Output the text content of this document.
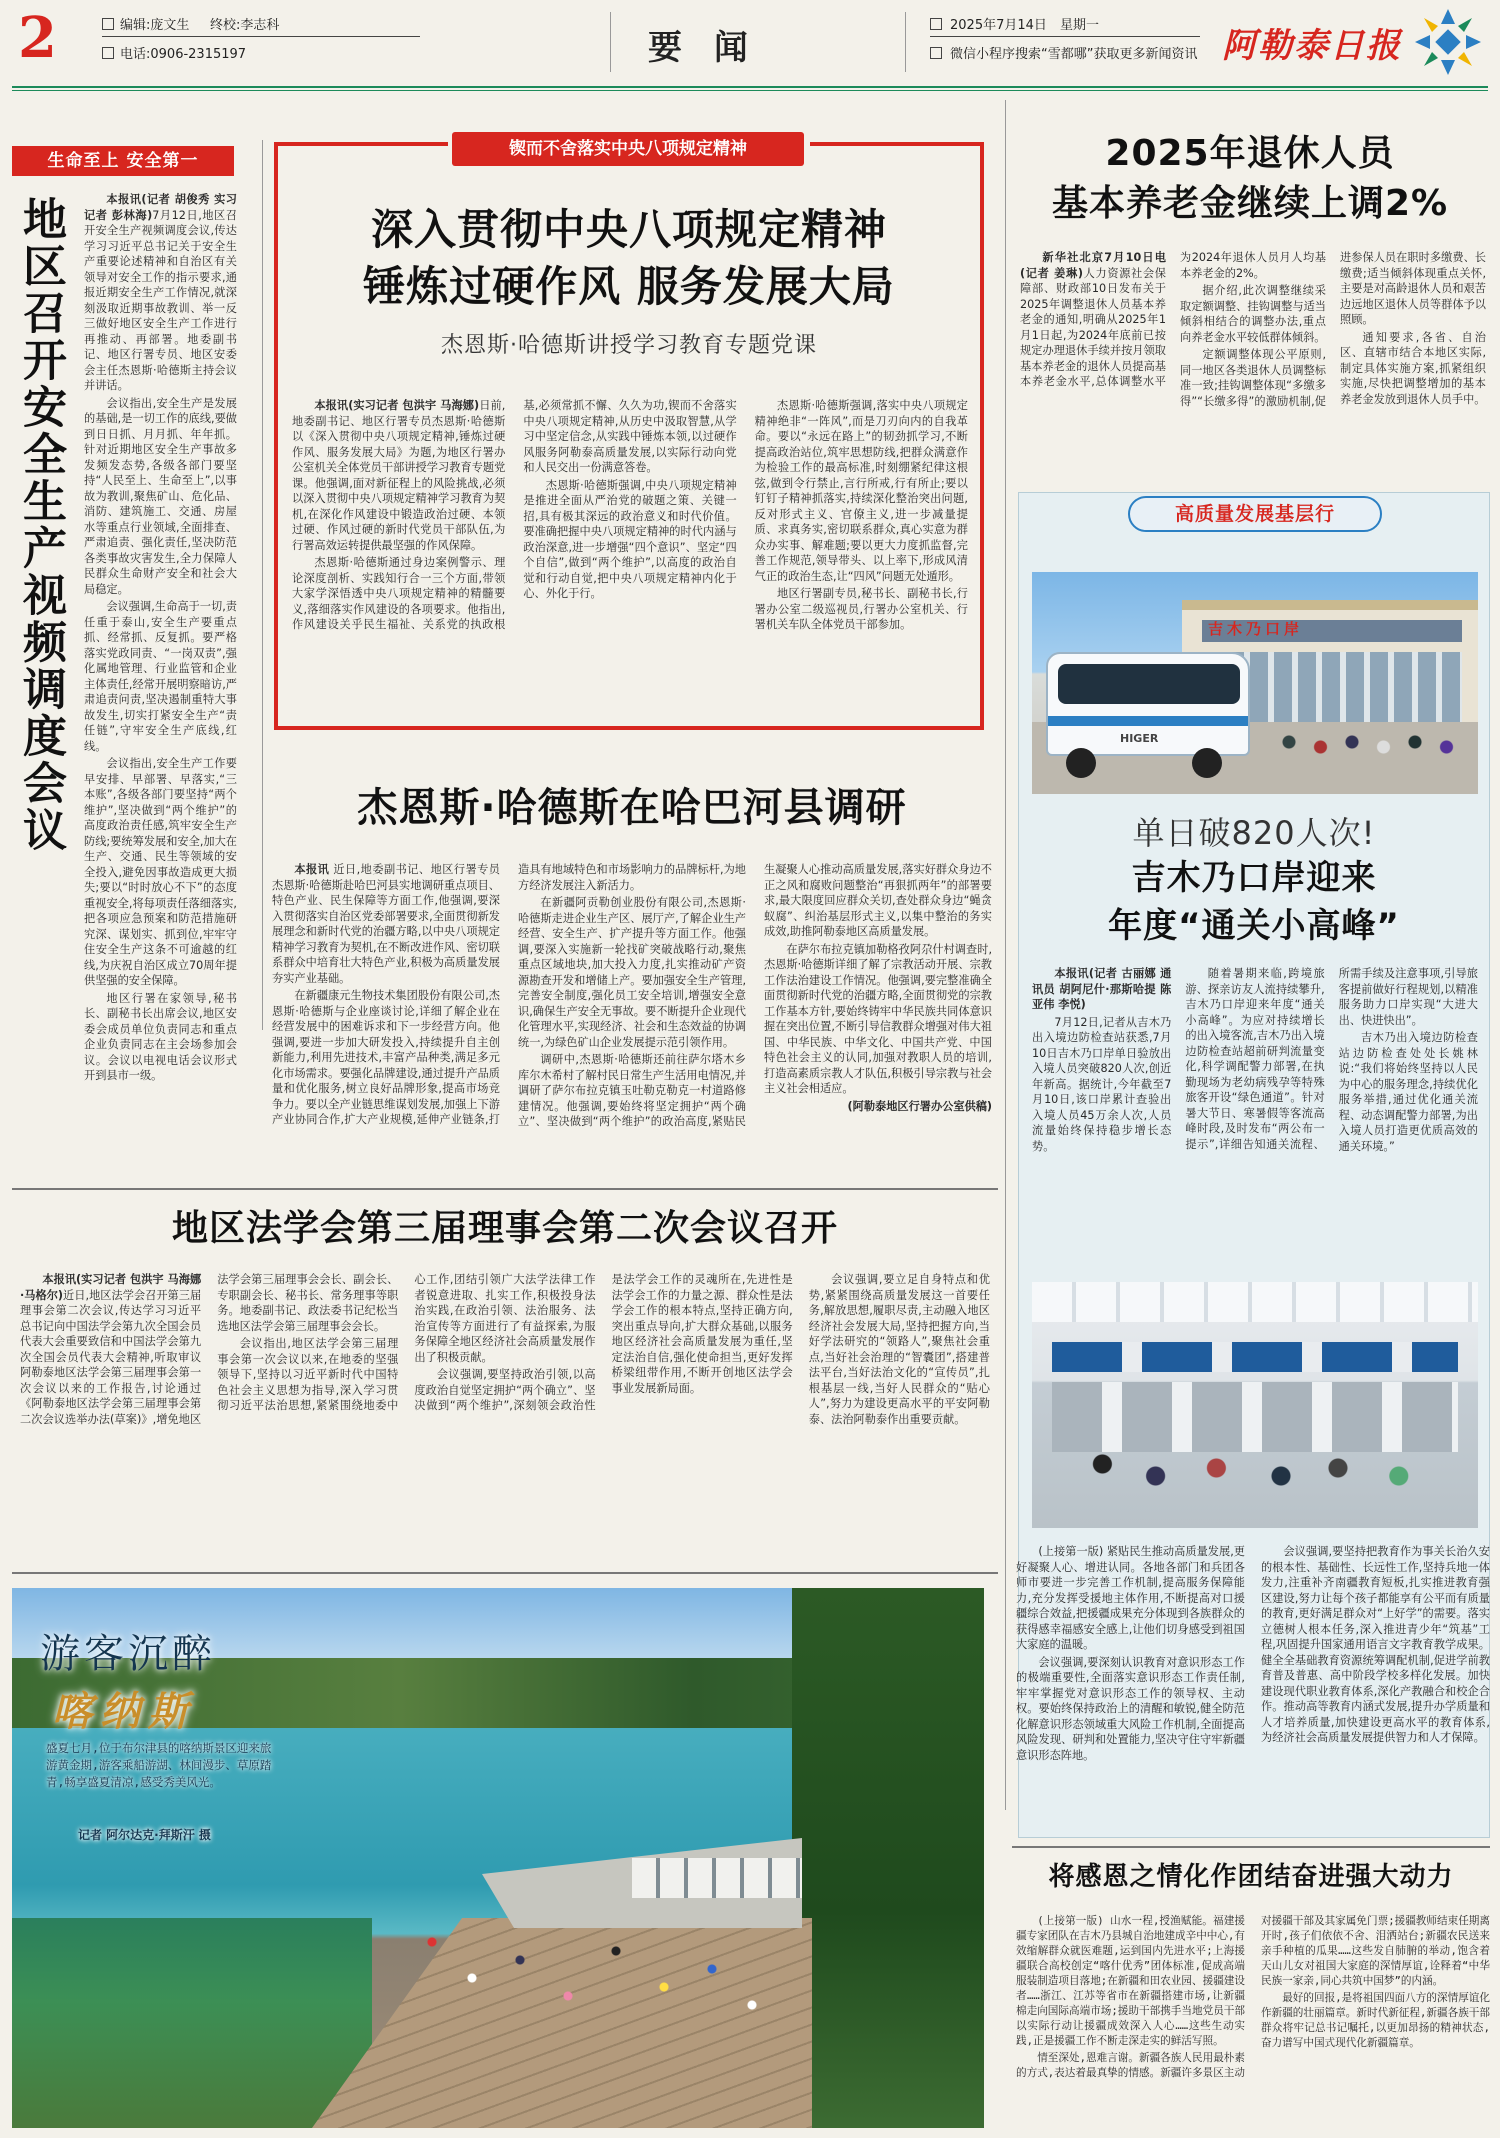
2	编辑:庞文生 终校:李志科
电话:0906-2315197	要 闻
2025年7月14日 星期一
微信小程序搜索“雪都哪”获取更多新闻资讯 阿勒泰日报
生命至上 安全第一
地区召开安全生产视频调度会议	本报讯(记者 胡俊秀 实习记者 彭林海)7月12日,地区召开安全生产视频调度会议,传达学习习近平总书记关于安全生产重要论述精神和自治区有关领导对安全工作的指示要求,通报近期安全生产工作情况,就深刻汲取近期事故教训、举一反三做好地区安全生产工作进行再推动、再部署。地委副书记、地区行署专员、地区安委会主任杰恩斯·哈德斯主持会议并讲话。

会议指出,安全生产是发展的基础,是一切工作的底线,要做到日日抓、月月抓、年年抓。针对近期地区安全生产事故多发频发态势,各级各部门要坚持“人民至上、生命至上”,以事故为教训,聚焦矿山、危化品、消防、建筑施工、交通、房屋水等重点行业领域,全面排查、严肃追责、强化责任,坚决防范各类事故灾害发生,全力保障人民群众生命财产安全和社会大局稳定。

会议强调,生命高于一切,责任重于泰山,安全生产要重点抓、经常抓、反复抓。要严格落实党政同责、“一岗双责”,强化属地管理、行业监管和企业主体责任,经常开展明察暗访,严肃追责问责,坚决遏制重特大事故发生,切实打紧安全生产“责任链”,守牢安全生产底线,红线。

会议指出,安全生产工作要早安排、早部署、早落实,“三本账”,各级各部门要坚持“两个维护”,坚决做到“两个维护”的高度政治责任感,筑牢安全生产防线;要统筹发展和安全,加大在生产、交通、民生等领域的安全投入,避免因事故造成更大损失;要以“时时放心不下”的态度重视安全,将每项责任落细落实,把各项应急预案和防范措施研究深、谋划实、抓到位,牢牢守住安全生产这条不可逾越的红线,为庆祝自治区成立70周年提供坚强的安全保障。

地区行署在家领导,秘书长、副秘书长出席会议,地区安委会成员单位负责同志和重点企业负责同志在主会场参加会议。会议以电视电话会议形式开到县市一级。

锲而不舍落实中央八项规定精神
深入贯彻中央八项规定精神
锤炼过硬作风 服务发展大局
杰恩斯·哈德斯讲授学习教育专题党课

本报讯(实习记者 包洪宇 马海娜)日前,地委副书记、地区行署专员杰恩斯·哈德斯以《深入贯彻中央八项规定精神,锤炼过硬作风、服务发展大局》为题,为地区行署办公室机关全体党员干部讲授学习教育专题党课。他强调,面对新征程上的风险挑战,必须以深入贯彻中央八项规定精神学习教育为契机,在深化作风建设中锻造政治过硬、本领过硬、作风过硬的新时代党员干部队伍,为行署高效运转提供最坚强的作风保障。

杰恩斯·哈德斯通过身边案例警示、理论深度剖析、实践知行合一三个方面,带领大家学深悟透中央八项规定精神的精髓要义,落细落实作风建设的各项要求。他指出,作风建设关乎民生福祉、关系党的执政根基,必须常抓不懈、久久为功,锲而不舍落实中央八项规定精神,从历史中汲取智慧,从学习中坚定信念,从实践中锤炼本领,以过硬作风服务阿勒泰高质量发展,以实际行动向党和人民交出一份满意答卷。

杰恩斯·哈德斯强调,中央八项规定精神是推进全面从严治党的破题之策、关键一招,具有极其深远的政治意义和时代价值。要准确把握中央八项规定精神的时代内涵与政治深意,进一步增强“四个意识”、坚定“四个自信”,做到“两个维护”,以高度的政治自觉和行动自觉,把中央八项规定精神内化于心、外化于行。

杰恩斯·哈德斯强调,落实中央八项规定精神绝非“一阵风”,而是刀刃向内的自我革命。要以“永远在路上”的韧劲抓学习,不断提高政治站位,筑牢思想防线,把群众满意作为检验工作的最高标准,时刻绷紧纪律这根弦,做到令行禁止,言行所戒,行有所止;要以钉钉子精神抓落实,持续深化整治突出问题,反对形式主义、官僚主义,进一步减量提质、求真务实,密切联系群众,真心实意为群众办实事、解难题;要以更大力度抓监督,完善工作规范,领导带头、以上率下,形成风清气正的政治生态,让“四风”问题无处遁形。

地区行署副专员,秘书长、副秘书长,行署办公室二级巡视员,行署办公室机关、行署机关车队全体党员干部参加。

杰恩斯·哈德斯在哈巴河县调研

本报讯 近日,地委副书记、地区行署专员杰恩斯·哈德斯赴哈巴河县实地调研重点项目、特色产业、民生保障等方面工作,他强调,要深入贯彻落实自治区党委部署要求,全面贯彻新发展理念和新时代党的治疆方略,以中央八项规定精神学习教育为契机,在不断改进作风、密切联系群众中培育壮大特色产业,积极为高质量发展夯实产业基础。

在新疆康元生物技术集团股份有限公司,杰恩斯·哈德斯与企业座谈讨论,详细了解企业在经营发展中的困难诉求和下一步经营方向。他强调,要进一步加大研发投入,持续提升自主创新能力,利用先进技术,丰富产品种类,满足多元化市场需求。要强化品牌建设,通过提升产品质量和优化服务,树立良好品牌形象,提高市场竞争力。要以全产业链思维谋划发展,加强上下游产业协同合作,扩大产业规模,延伸产业链条,打造具有地域特色和市场影响力的品牌标杆,为地方经济发展注入新活力。

在新疆阿贡勒创业股份有限公司,杰恩斯·哈德斯走进企业生产区、展厅产,了解企业生产经营、安全生产、扩产提升等方面工作。他强调,要深入实施新一轮找矿突破战略行动,聚焦重点区域地块,加大投入力度,扎实推动矿产资源勘查开发和增储上产。要加强安全生产管理,完善安全制度,强化员工安全培训,增强安全意识,确保生产安全无事故。要不断提升企业现代化管理水平,实现经济、社会和生态效益的协调统一,为绿色矿山企业发展提示范引领作用。

调研中,杰恩斯·哈德斯还前往萨尔塔木乡库尔木希村了解村民日常生产生活用电情况,并调研了萨尔布拉克镇玉吐勒克勒克一村道路修建情况。他强调,要始终将坚定拥护“两个确立”、坚决做到“两个维护”的政治高度,紧贴民生凝聚人心推动高质量发展,落实好群众身边不正之风和腐败问题整治“再狠抓两年”的部署要求,最大限度回应群众关切,查处群众身边“蝇贪蚁腐”、纠治基层形式主义,以集中整治的务实成效,助推阿勒泰地区高质量发展。

在萨尔布拉克镇加勒格孜阿尕什村调查时,杰恩斯·哈德斯详细了解了宗教活动开展、宗教工作法治建设工作情况。他强调,要完整准确全面贯彻新时代党的治疆方略,全面贯彻党的宗教工作基本方针,要始终铸牢中华民族共同体意识握在突出位置,不断引导信教群众增强对伟大祖国、中华民族、中华文化、中国共产党、中国特色社会主义的认同,加强对教职人员的培训,打造高素质宗教人才队伍,积极引导宗教与社会主义社会相适应。

(阿勒泰地区行署办公室供稿)

2025年退休人员
基本养老金继续上调2%

新华社北京7月10日电(记者 姜琳)人力资源社会保障部、财政部10日发布关于2025年调整退休人员基本养老金的通知,明确从2025年1月1日起,为2024年底前已按规定办理退休手续并按月领取基本养老金的退休人员提高基本养老金水平,总体调整水平为2024年退休人员月人均基本养老金的2%。

据介绍,此次调整继续采取定额调整、挂钩调整与适当倾斜相结合的调整办法,重点向养老金水平较低群体倾斜。

定额调整体现公平原则,同一地区各类退休人员调整标准一致;挂钩调整体现“多缴多得”“长缴多得”的激励机制,促进参保人员在职时多缴费、长缴费;适当倾斜体现重点关怀,主要是对高龄退休人员和艰苦边远地区退休人员等群体予以照顾。

通知要求,各省、自治区、直辖市结合本地区实际,制定具体实施方案,抓紧组织实施,尽快把调整增加的基本养老金发放到退休人员手中。

高质量发展基层行
吉木乃口岸
HIGER
单日破820人次!
吉木乃口岸迎来
年度“通关小高峰”

本报讯(记者 古丽娜 通讯员 胡阿尼什·那斯哈提 陈亚伟 李悦)

7月12日,记者从吉木乃出入境边防检查站获悉,7月10日吉木乃口岸单日验放出入境人员突破820人次,创近年新高。据统计,今年截至7月10日,该口岸累计查验出入境人员45万余人次,人员流量始终保持稳步增长态势。

随着暑期来临,跨境旅游、探亲访友人流持续攀升,吉木乃口岸迎来年度“通关小高峰”。为应对持续增长的出入境客流,吉木乃出入境边防检查站超前研判流量变化,科学调配警力部署,在执勤现场为老幼病残孕等特殊旅客开设“绿色通道”。针对暑大节日、寒暑假等客流高峰时段,及时发布“两公布一提示”,详细告知通关流程、所需手续及注意事项,引导旅客提前做好行程规划,以精准服务助力口岸实现“大进大出、快进快出”。

吉木乃出入境边防检查站边防检查处处长姚林说:“我们将始终坚持以人民为中心的服务理念,持续优化服务举措,通过优化通关流程、动态调配警力部署,为出入境人员打造更优质高效的通关环境。”

地区法学会第三届理事会第二次会议召开

本报讯(实习记者 包洪宇 马海娜·马格尔)近日,地区法学会召开第三届理事会第二次会议,传达学习习近平总书记向中国法学会第九次全国会员代表大会重要致信和中国法学会第九次全国会员代表大会精神,听取审议阿勒泰地区法学会第三届理事会第一次会议以来的工作报告,讨论通过《阿勒泰地区法学会第三届理事会第二次会议选举办法(草案)》,增免地区法学会第三届理事会会长、副会长、专职副会长、秘书长、常务理事等职务。地委副书记、政法委书记纪松当选地区法学会第三届理事会会长。

会议指出,地区法学会第三届理事会第一次会议以来,在地委的坚强领导下,坚持以习近平新时代中国特色社会主义思想为指导,深入学习贯彻习近平法治思想,紧紧围绕地委中心工作,团结引领广大法学法律工作者锐意进取、扎实工作,积极投身法治实践,在政治引领、法治服务、法治宣传等方面进行了有益探索,为服务保障全地区经济社会高质量发展作出了积极贡献。

会议强调,要坚持政治引领,以高度政治自觉坚定拥护“两个确立”、坚决做到“两个维护”,深刻领会政治性是法学会工作的灵魂所在,先进性是法学会工作的力量之源、群众性是法学会工作的根本特点,坚持正确方向,突出重点导向,扩大群众基础,以服务地区经济社会高质量发展为重任,坚定法治自信,强化使命担当,更好发挥桥梁纽带作用,不断开创地区法学会事业发展新局面。

会议强调,要立足自身特点和优势,紧紧围绕高质量发展这一首要任务,解放思想,履职尽责,主动融入地区经济社会发展大局,坚持把握方向,当好学法研究的“领路人”,聚焦社会重点,当好社会治理的“智囊团”,搭建普法平台,当好法治文化的“宣传员”,扎根基层一线,当好人民群众的“贴心人”,努力为建设更高水平的平安阿勒泰、法治阿勒泰作出重要贡献。

游客沉醉
喀纳斯
盛夏七月,位于布尔津县的喀纳斯景区迎来旅游黄金期,游客乘船游湖、林间漫步、草原踏青,畅享盛夏清凉,感受秀美风光。
记者 阿尔达克·拜斯汗 摄

(上接第一版) 紧贴民生推动高质量发展,更好凝聚人心、增进认同。各地各部门和兵团各师市要进一步完善工作机制,提高服务保障能力,充分发挥受援地主体作用,不断提高对口援疆综合效益,把援疆成果充分体现到各族群众的获得感幸福感安全感上,让他们切身感受到祖国大家庭的温暖。

会议强调,要深刻认识教育对意识形态工作的极端重要性,全面落实意识形态工作责任制,牢牢掌握党对意识形态工作的领导权、主动权。要始终保持政治上的清醒和敏锐,健全防范化解意识形态领域重大风险工作机制,全面提高风险发现、研判和处置能力,坚决守住守牢新疆意识形态阵地。

会议强调,要坚持把教育作为事关长治久安的根本性、基础性、长远性工作,坚持兵地一体发力,注重补齐南疆教育短板,扎实推进教育强区建设,努力让每个孩子都能享有公平而有质量的教育,更好满足群众对“上好学”的需要。落实立德树人根本任务,深入推进青少年“筑基”工程,巩固提升国家通用语言文字教育教学成果。健全全基础教育资源统筹调配机制,促进学前教育普及普惠、高中阶段学校多样化发展。加快建设现代职业教育体系,深化产教融合和校企合作。推动高等教育内涵式发展,提升办学质量和人才培养质量,加快建设更高水平的教育体系,为经济社会高质量发展提供智力和人才保障。

将感恩之情化作团结奋进强大动力

(上接第一版) 山水一程,授渔赋能。福建援疆专家团队在吉木乃县城自治地建成辛中中心,有效缩解群众就医难题,运到国内先进水平;上海援疆联合高校创定“喀什优秀”团体标准,促成高端服装制造项目落地;在新疆和田农业园、援疆建设者……浙江、江苏等省市在新疆搭建市场,让新疆棉走向国际高端市场;援助干部携手当地党员干部以实际行动让援疆成效深入人心……这些生动实践,正是援疆工作不断走深走实的鲜活写照。

情至深处,恩难言谢。新疆各族人民用最朴素的方式,表达着最真挚的情感。新疆许多景区主动对援疆干部及其家属免门票;援疆教师结束任期离开时,孩子们依依不舍、泪洒站台;新疆农民送来亲手种植的瓜果……这些发自肺腑的举动,饱含着天山儿女对祖国大家庭的深情厚谊,诠释着“中华民族一家亲,同心共筑中国梦”的内涵。

最好的回报,是将祖国四面八方的深情厚谊化作新疆的壮丽篇章。新时代新征程,新疆各族干部群众将牢记总书记嘱托,以更加昂扬的精神状态,奋力谱写中国式现代化新疆篇章。
